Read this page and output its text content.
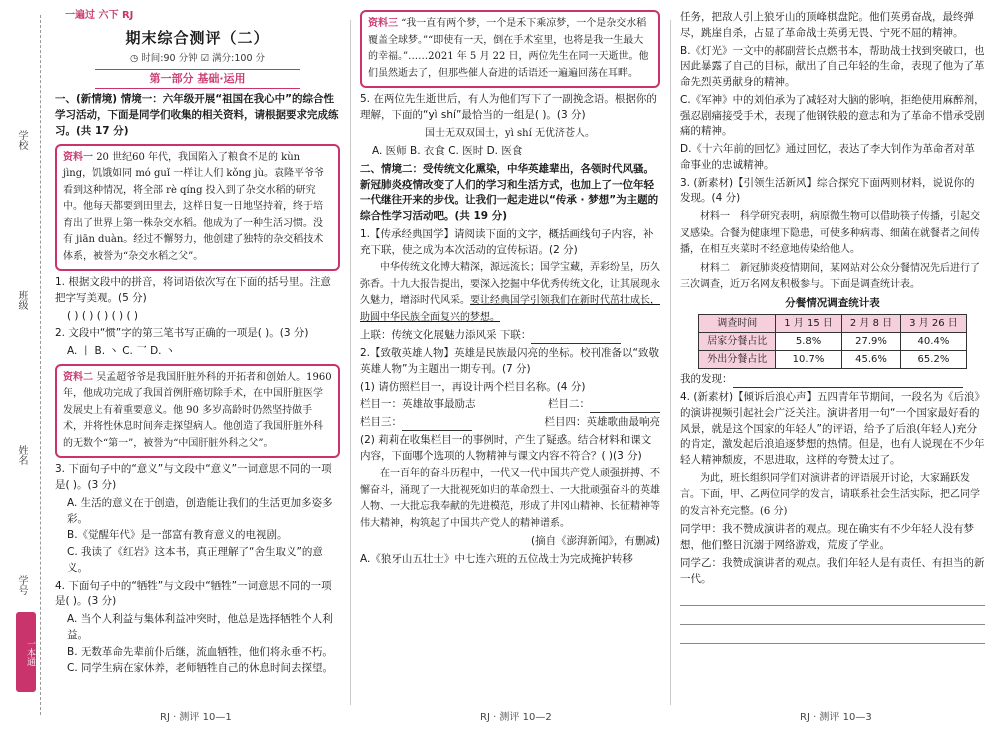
学校
班级
姓名
学号
一本通
一遍过 六下 RJ
期末综合测评（二）
◷ 时间:90 分钟 ☑ 满分:100 分
第一部分 基础·运用
一、(新情境) 情境一：六年级开展“祖国在我心中”的综合性学习活动，下面是同学们收集的相关资料，请根据要求完成练习。(共 17 分)
资料一 20 世纪60 年代，我国陷入了粮食不足的 kùn jìng，饥饿如同 mó guǐ 一样让人们 kǒng jù。袁隆平爷爷看到这种情况，将全部 rè qíng 投入到了杂交水稻的研究中。他每天都要到田里去，这样日复一日地坚持着，终于培育出了世界上第一株杂交水稻。他成为了一种生活习惯。没有 jiān duàn。经过不懈努力，他创建了独特的杂交稻技术体系，被誉为“杂交水稻之父”。
1. 根据文段中的拼音，将词语依次写在下面的括号里。注意把字写美观。(5 分)
( ) ( ) ( ) ( ) ( )
2. 文段中“惯”字的第三笔书写正确的一项是( )。(3 分)
A. 丨 B. 丶 C. 乛 D. 丶
资料二 吴孟超爷爷是我国肝脏外科的开拓者和创始人。1960 年，他成功完成了我国首例肝癌切除手术，在中国肝脏医学发展史上有着重要意义。他 90 多岁高龄时仍然坚持做手术，并将性休息时间奔走探望病人。他创造了我国肝脏外科的无数个“第一”，被誉为“中国肝脏外科之父”。
3. 下面句子中的“意义”与文段中“意义”一词意思不同的一项是( )。(3 分)
A. 生活的意义在于创造，创造能让我们的生活更加多姿多彩。
B.《觉醒年代》是一部富有教育意义的电视剧。
C. 我读了《红岩》这本书，真正理解了“舍生取义”的意义。
4. 下面句子中的“牺牲”与文段中“牺牲”一词意思不同的一项是( )。(3 分)
A. 当个人利益与集体利益冲突时，他总是选择牺牲个人利益。
B. 无数革命先辈前仆后继，流血牺牲，他们将永垂不朽。
C. 同学生病在家休养，老师牺牲自己的休息时间去探望。
RJ · 测评 10—1
资料三 “我一直有两个梦，一个是禾下乘凉梦，一个是杂交水稻覆盖全球梦。”“即使有一天，倒在手术室里，也将是我一生最大的幸福。”……2021 年 5 月 22 日，两位先生在同一天逝世。他们虽然逝去了，但那些催人奋进的话语还一遍遍回荡在耳畔。
5. 在两位先生逝世后，有人为他们写下了一副挽念语。根据你的理解，下面的“yì shí”最恰当的一组是( )。(3 分)
国士无双双国士，yì shí 无优济苍人。
A. 医师 B. 衣食 C. 医时 D. 医食
二、情境二：受传统文化熏染，中华英雄辈出，各领时代风骚。新冠肺炎疫情改变了人们的学习和生活方式，也加上了一位年轻一代继往开来的步伐。让我们一起走进以“传承 · 梦想”为主题的综合性学习活动吧。(共 19 分)
1.【传承经典国学】请阅读下面的文字，概括画线句子内容，补充下联，使之成为本次活动的宣传标语。(2 分)
中华传统文化博大精深，源远流长；国学宝藏，弄彩纷呈，历久弥香。十九大报告提出，要深入挖掘中华优秀传统文化，让其展现永久魅力，增添时代风采。要让经典国学引领我们在新时代茁壮成长，助圆中华民族全面复兴的梦想。
上联：传统文化展魅力添风采 下联：
2.【致敬英雄人物】英雄是民族最闪亮的坐标。校刊准备以“致敬英雄人物”为主题出一期专刊。(7 分)
(1) 请仿照栏目一，再设计两个栏目名称。(4 分)
栏目一：英雄故事最励志	栏目二：
栏目三：	栏目四：英雄歌曲最响亮
(2) 莉莉在收集栏目一的事例时，产生了疑惑。结合材料和课文内容，下面哪个选项的人物精神与课文内容不符合？( )(3 分)
在一百年的奋斗历程中，一代又一代中国共产党人顽强拼搏、不懈奋斗，涌现了一大批视死如归的革命烈士、一大批顽强奋斗的英雄人物、一大批忘我奉献的先进模范，形成了井冈山精神、长征精神等伟大精神，构筑起了中国共产党人的精神谱系。
(摘自《澎湃新闻》，有删减)
A.《狼牙山五壮士》中七连六班的五位战士为完成掩护转移
RJ · 测评 10—2
任务，把敌人引上狼牙山的顶峰棋盘陀。他们英勇奋战，最终弹尽，跳崖自杀，占显了革命战士英勇无畏、宁死不屈的精神。
B.《灯光》一文中的郝副营长点燃书本，帮助战士找到突破口，也因此暴露了自己的目标，献出了自己年轻的生命，表现了他为了革命先烈英勇献身的精神。
C.《军神》中的刘伯承为了减轻对大脑的影响，拒绝使用麻醉剂，强忍剧痛接受手术，表现了他钢铁般的意志和为了革命不惜承受剧痛的精神。
D.《十六年前的回忆》通过回忆，表达了李大钊作为革命者对革命事业的忠诚精神。
3. (新素材)【引领生活新风】综合探究下面两则材料，说说你的发现。(4 分)
材料一　科学研究表明，病原微生物可以借助筷子传播，引起交叉感染。合餐为健康埋下隐患，可使多种病毒、细菌在就餐者之间传播，在相互夹菜时不经意地传染给他人。
材料二　新冠肺炎疫情期间，某网站对公众分餐情况先后进行了三次调查，近万名网友积极参与。下面是调查统计表。
分餐情况调查统计表
调查时间	1 月 15 日	2 月 8 日	3 月 26 日
居家分餐占比	5.8%	27.9%	40.4%
外出分餐占比	10.7%	45.6%	65.2%
我的发现：
4. (新素材)【倾诉后浪心声】五四青年节期间，一段名为《后浪》的演讲视频引起社会广泛关注。演讲者用一句“一个国家最好看的风景，就是这个国家的年轻人”的评语，给予了后浪(年轻人)充分的肯定，激发起后浪追逐梦想的热情。但是，也有人说现在不少年轻人精神颓废，不思进取，这样的夸赞太过了。
为此，班长组织同学们对演讲者的评语展开讨论，大家踊跃发言。下面，甲、乙两位同学的发言，请联系社会生活实际，把乙同学的发言补充完整。(6 分)
同学甲：我不赞成演讲者的观点。现在确实有不少年轻人没有梦想，他们整日沉溺于网络游戏，荒废了学业。
同学乙：我赞成演讲者的观点。我们年轻人是有责任、有担当的新一代。
RJ · 测评 10—3
